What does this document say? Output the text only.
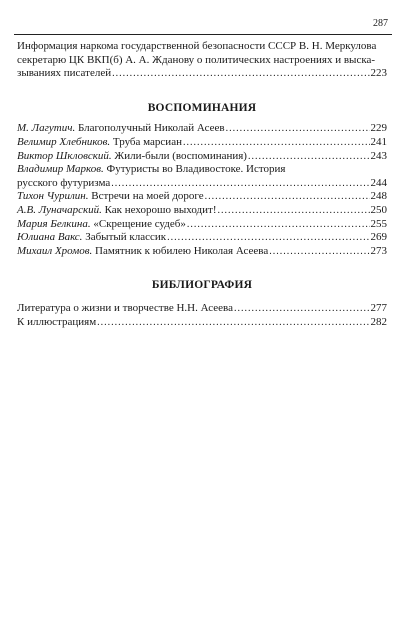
287
Информация наркома государственной безопасности СССР В. Н. Меркулова
секретарю ЦК ВКП(б) А. А. Жданову о политических настроениях и выска-
зываниях писателей .....	223
ВОСПОМИНАНИЯ
М. Лагутич.
Благополучный Николай Асеев .....	229
Велимир Хлебников.
Труба марсиан .....	241
Виктор Шкловский.
Жили-были (воспоминания) .....	243
Владимир Марков. Футуристы во Владивостоке. История
русского футуризма .....	244
Тихон Чурилин.
Встречи на моей дороге .....	248
А.В. Луначарский.
Как нехорошо выходит! .....	250
Мария Белкина.
«Скрещение судеб» .....	255
Юлиана Вакс.
Забытый классик .....	269
Михаил Хромов.
Памятник к юбилею Николая Асеева .....	273
БИБЛИОГРАФИЯ
Литература о жизни и творчестве Н.Н. Асеева .....	277
К иллюстрациям .....	282
